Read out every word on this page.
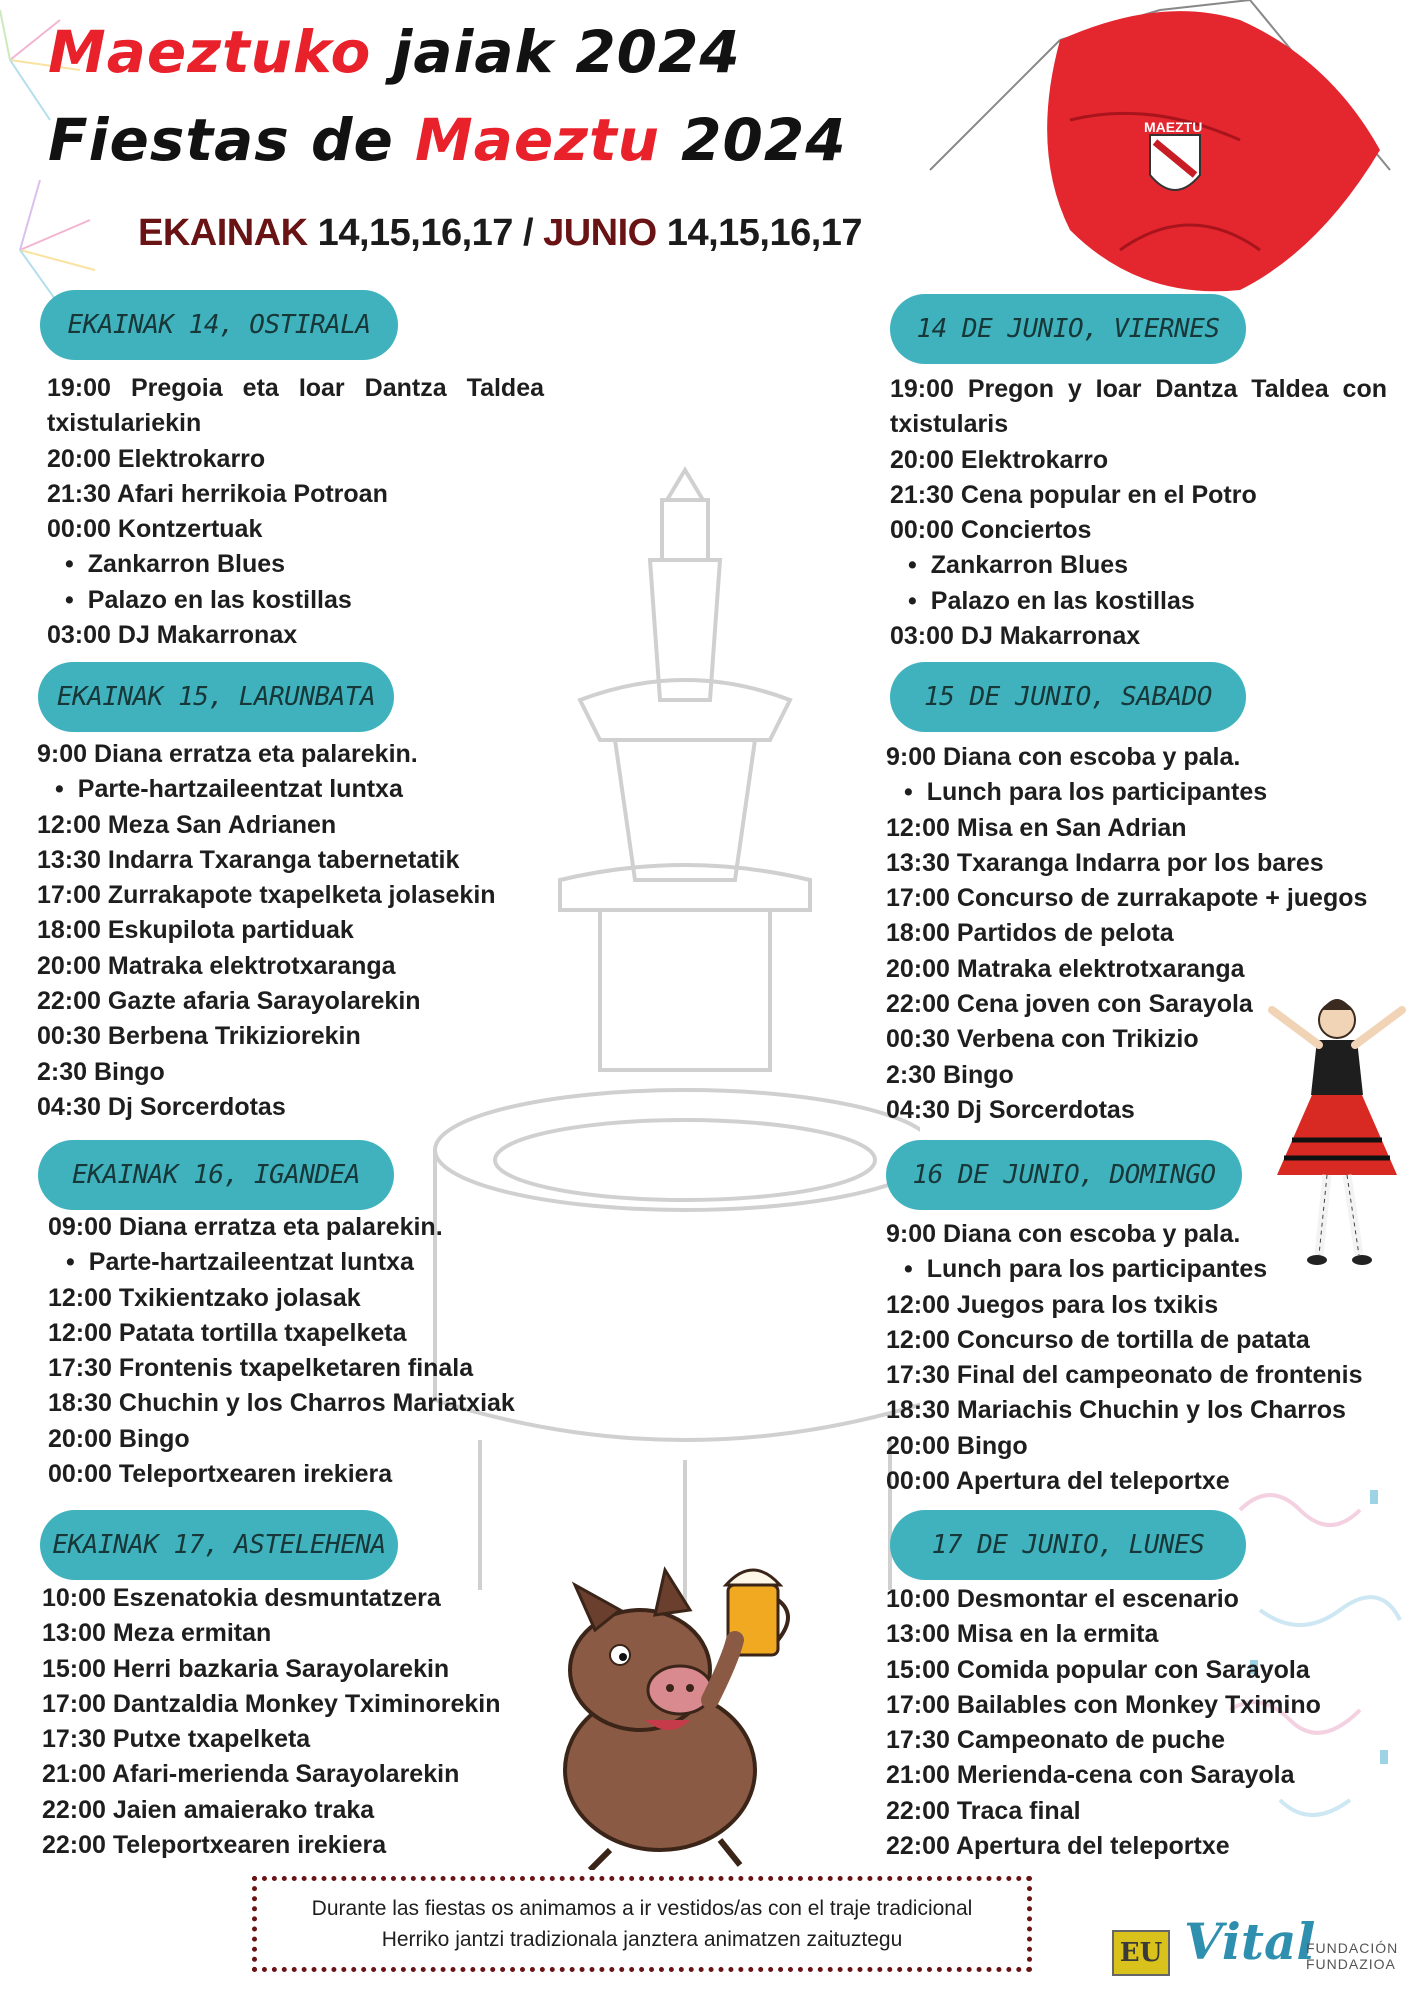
MAEZTU
Maeztuko jaiak 2024
Fiestas de Maeztu 2024
EKAINAK 14,15,16,17 / JUNIO 14,15,16,17
EKAINAK 14, OSTIRALA
19:00 Pregoia eta Ioar Dantza Taldea
txistulariekin
20:00 Elektrokarro
21:30 Afari herrikoia Potroan
00:00 Kontzertuak
• Zankarron Blues
• Palazo en las kostillas
03:00 DJ Makarronax
EKAINAK 15, LARUNBATA
9:00 Diana erratza eta palarekin.
• Parte-hartzaileentzat luntxa
12:00 Meza San Adrianen
13:30 Indarra Txaranga tabernetatik
17:00 Zurrakapote txapelketa jolasekin
18:00 Eskupilota partiduak
20:00 Matraka elektrotxaranga
22:00 Gazte afaria Sarayolarekin
00:30 Berbena Trikiziorekin
2:30 Bingo
04:30 Dj Sorcerdotas
EKAINAK 16, IGANDEA
09:00 Diana erratza eta palarekin.
• Parte-hartzaileentzat luntxa
12:00 Txikientzako jolasak
12:00 Patata tortilla txapelketa
17:30 Frontenis txapelketaren finala
18:30 Chuchin y los Charros Mariatxiak
20:00 Bingo
00:00 Teleportxearen irekiera
EKAINAK 17, ASTELEHENA
10:00 Eszenatokia desmuntatzera
13:00 Meza ermitan
15:00 Herri bazkaria Sarayolarekin
17:00 Dantzaldia Monkey Tximinorekin
17:30 Putxe txapelketa
21:00 Afari-merienda Sarayolarekin
22:00 Jaien amaierako traka
22:00 Teleportxearen irekiera
14 DE JUNIO, VIERNES
19:00 Pregon y Ioar Dantza Taldea con
txistularis
20:00 Elektrokarro
21:30 Cena popular en el Potro
00:00 Conciertos
• Zankarron Blues
• Palazo en las kostillas
03:00 DJ Makarronax
15 DE JUNIO, SABADO
9:00 Diana con escoba y pala.
• Lunch para los participantes
12:00 Misa en San Adrian
13:30 Txaranga Indarra por los bares
17:00 Concurso de zurrakapote + juegos
18:00 Partidos de pelota
20:00 Matraka elektrotxaranga
22:00 Cena joven con Sarayola
00:30 Verbena con Trikizio
2:30 Bingo
04:30 Dj Sorcerdotas
16 DE JUNIO, DOMINGO
9:00 Diana con escoba y pala.
• Lunch para los participantes
12:00 Juegos para los txikis
12:00 Concurso de tortilla de patata
17:30 Final del campeonato de frontenis
18:30 Mariachis Chuchin y los Charros
20:00 Bingo
00:00 Apertura del teleportxe
17 DE JUNIO, LUNES
10:00 Desmontar el escenario
13:00 Misa en la ermita
15:00 Comida popular con Sarayola
17:00 Bailables con Monkey Tximino
17:30 Campeonato de puche
21:00 Merienda-cena con Sarayola
22:00 Traca final
22:00 Apertura del teleportxe
Durante las fiestas os animamos a ir vestidos/as con el traje tradicional
Herriko jantzi tradizionala janztera animatzen zaituztegu	EU Vital
FUNDACIÓN
FUNDAZIOA
